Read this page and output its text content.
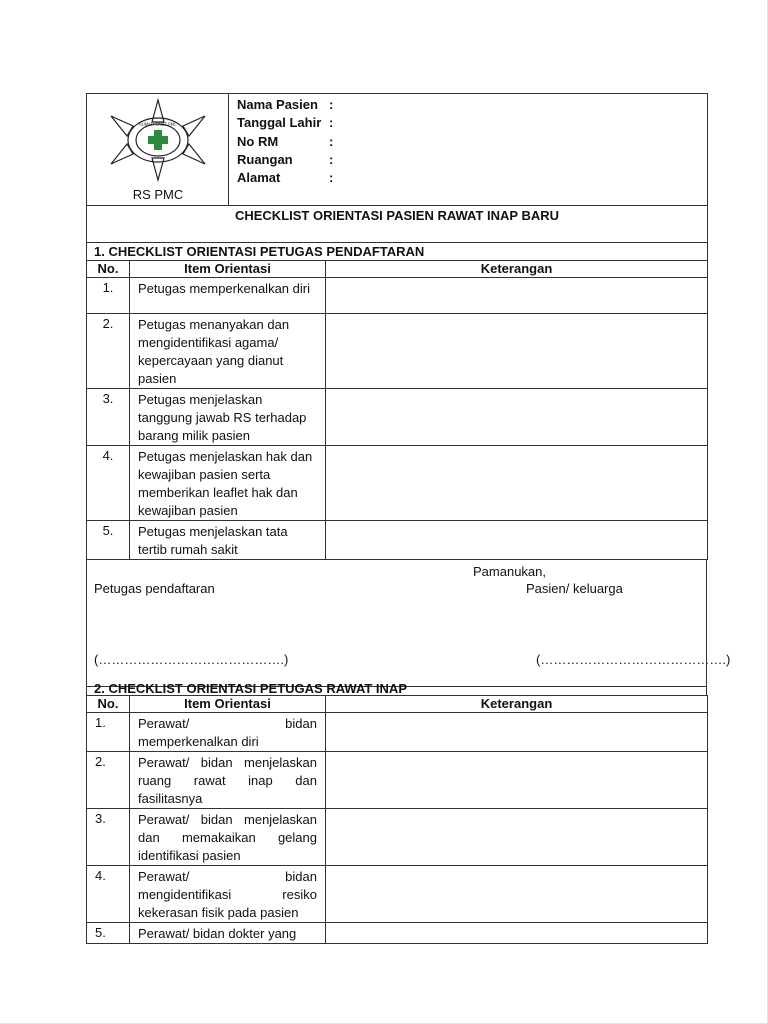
RUMAH SAKIT PMC
RS PMC

Nama Pasien :
Tanggal Lahir :
No RM	:
Ruangan	:
Alamat	:

CHECKLIST ORIENTASI PASIEN RAWAT INAP BARU
1. CHECKLIST ORIENTASI PETUGAS PENDAFTARAN
No.	Item Orientasi	Keterangan
1.	Petugas memperkenalkan diri	
2.	Petugas menanyakan dan mengidentifikasi agama/ kepercayaan yang dianut pasien	
3.	Petugas menjelaskan tanggung jawab RS terhadap barang milik pasien	
4.	Petugas menjelaskan hak dan kewajiban pasien serta memberikan leaflet hak dan kewajiban pasien	
5.	Petugas menjelaskan tata tertib rumah sakit	
Pamanukan,
Petugas pendaftaran	Pasien/ keluarga
(…………………………………….)	(…………………………………….)

2. CHECKLIST ORIENTASI PETUGAS RAWAT INAP
No.	Item Orientasi	Keterangan
1.	Perawat/ bidan memperkenalkan diri	
2.	Perawat/ bidan menjelaskan ruang rawat inap dan fasilitasnya	
3.	Perawat/ bidan menjelaskan dan memakaikan gelang identifikasi pasien	
4.	Perawat/ bidan mengidentifikasi resiko kekerasan fisik pada pasien	
5.	Perawat/ bidan dokter yang	
